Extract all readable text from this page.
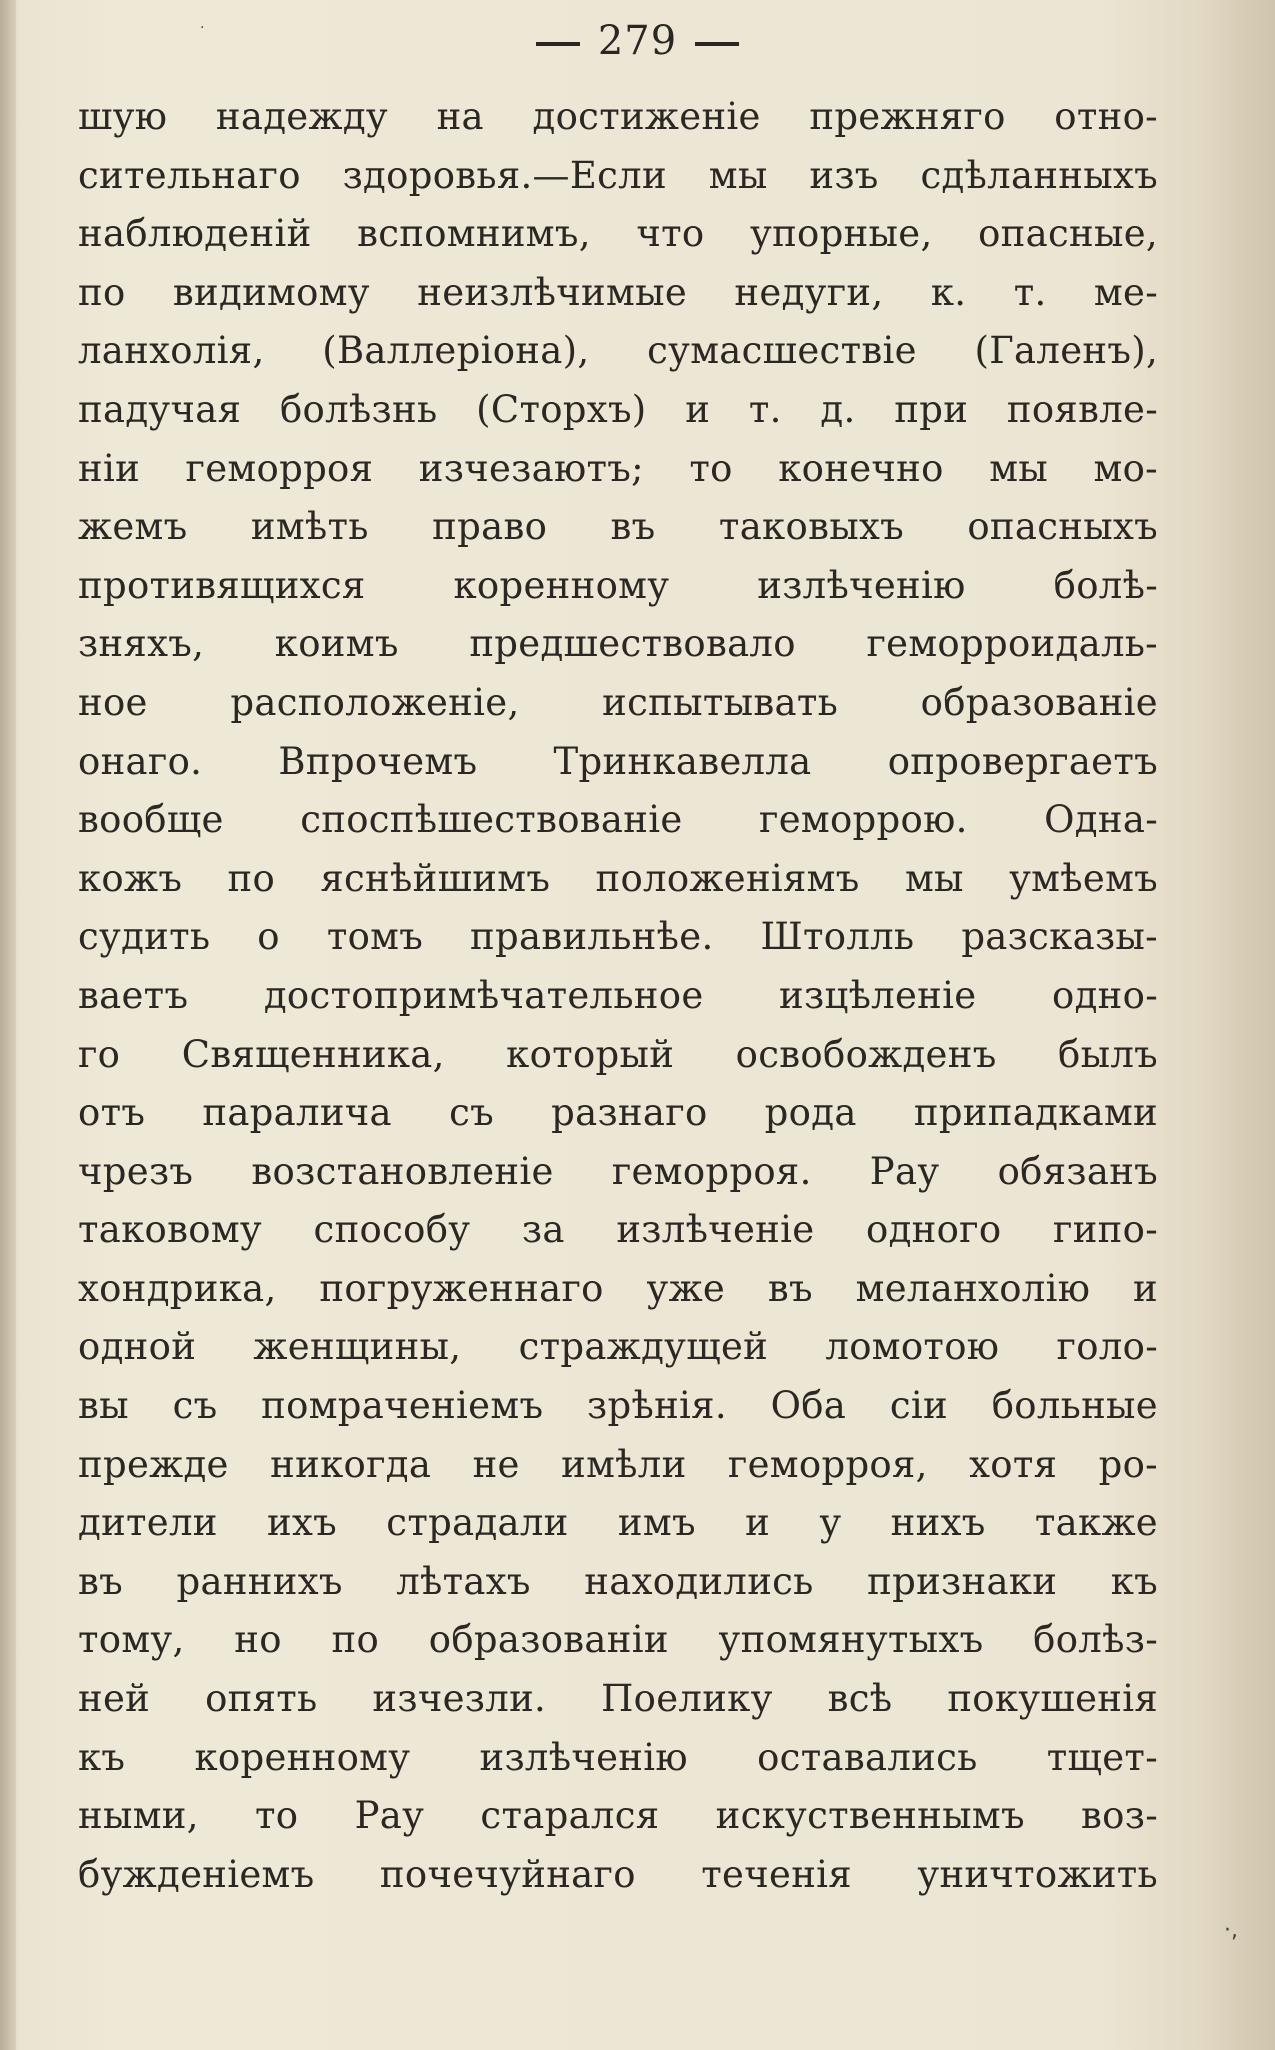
279
шую надежду на достиженіе прежняго отно-
сительнаго здоровья.—Если мы изъ сдѣланныхъ
наблюденій вспомнимъ, что упорные, опасные,
по видимому неизлѣчимые недуги, к. т. ме-
ланхолія, (Валлеріона), сумасшествіе (Галенъ),
падучая болѣзнь (Сторхъ) и т. д. при появле-
ніи геморроя изчезаютъ; то конечно мы мо-
жемъ имѣть право въ таковыхъ опасныхъ
противящихся коренному излѣченію болѣ-
зняхъ, коимъ предшествовало геморроидаль-
ное расположеніе, испытывать образованіе
онаго. Впрочемъ Тринкавелла опровергаетъ
вообще споспѣшествованіе геморрою. Одна-
кожъ по яснѣйшимъ положеніямъ мы умѣемъ
судить о томъ правильнѣе. Штолль разсказы-
ваетъ достопримѣчательное изцѣленіе одно-
го Священника, который освобожденъ былъ
отъ паралича съ разнаго рода припадками
чрезъ возстановленіе геморроя. Рау обязанъ
таковому способу за излѣченіе одного гипо-
хондрика, погруженнаго уже въ меланхолію и
одной женщины, страждущей ломотою голо-
вы съ помраченіемъ зрѣнія. Оба сіи больные
прежде никогда не имѣли геморроя, хотя ро-
дители ихъ страдали имъ и у нихъ также
въ раннихъ лѣтахъ находились признаки къ
тому, но по образованіи упомянутыхъ болѣз-
ней опять изчезли. Поелику всѣ покушенія
къ коренному излѣченію оставались тщет-
ными, то Рау старался искуственнымъ воз-
бужденіемъ почечуйнаго теченія уничтожить
·,
·
